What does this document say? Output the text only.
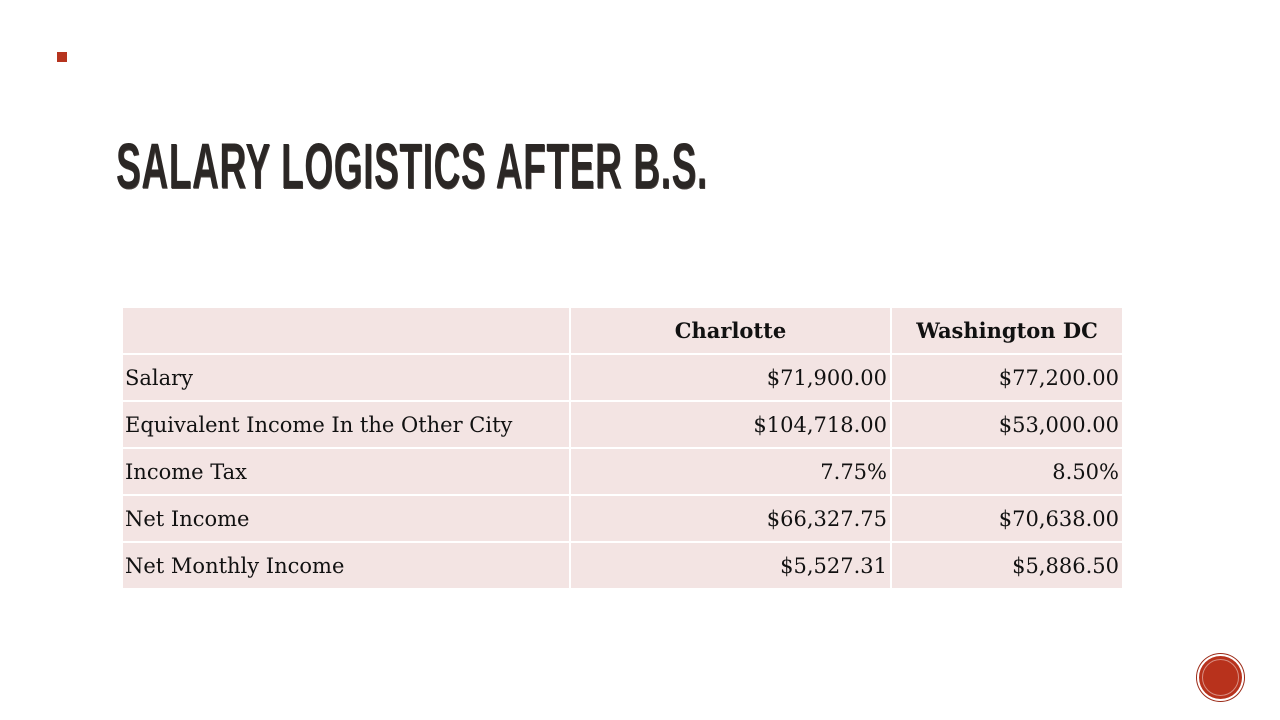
SALARY LOGISTICS AFTER B.S.
	Charlotte	Washington DC
Salary	$71,900.00	$77,200.00
Equivalent Income In the Other City	$104,718.00	$53,000.00
Income Tax	7.75%	8.50%
Net Income	$66,327.75	$70,638.00
Net Monthly Income	$5,527.31	$5,886.50
